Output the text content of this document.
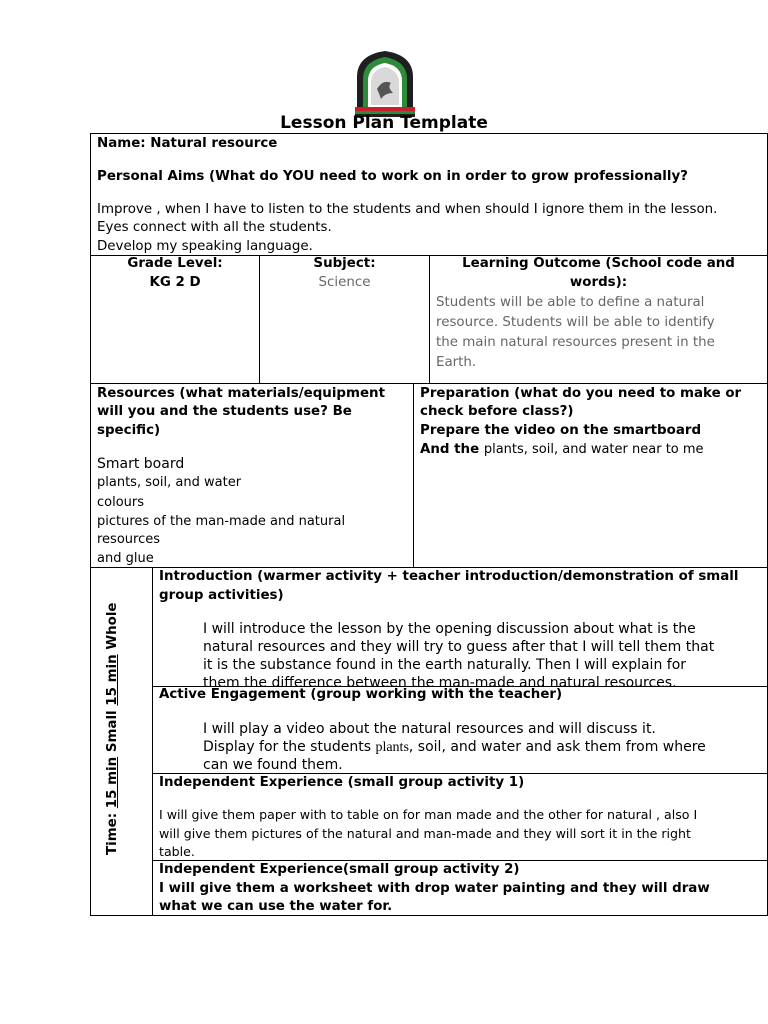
Lesson Plan Template
Name: Natural resource
Personal Aims (What do YOU need to work on in order to grow professionally?
Improve , when I have to listen to the students and when should I ignore them in the lesson.
Eyes connect with all the students.
Develop my speaking language.
Grade Level:
KG 2 D
Subject:
Science
Learning Outcome (School code and
words):
Students will be able to define a natural
resource. Students will be able to identify
the main natural resources present in the
Earth.
Resources (what materials/equipment
will you and the students use? Be
specific)
Smart board
plants, soil, and water
colours
pictures of the man-made and natural
resources
and glue
Preparation (what do you need to make or
check before class?)
Prepare the video on the smartboard
And the plants, soil, and water near to me
Time: 15 min Small 15 min Whole
Introduction (warmer activity + teacher introduction/demonstration of small
group activities)
I will introduce the lesson by the opening discussion about what is the
natural resources and they will try to guess after that I will tell them that
it is the substance found in the earth naturally. Then I will explain for
them the difference between the man-made and natural resources.
Active Engagement (group working with the teacher)
I will play a video about the natural resources and will discuss it.
Display for the students plants, soil, and water and ask them from where
can we found them.
Independent Experience (small group activity 1)
I will give them paper with to table on for man made and the other for natural , also I
will give them pictures of the natural and man-made and they will sort it in the right
table.
Independent Experience(small group activity 2)
I will give them a worksheet with drop water painting and they will draw
what we can use the water for.
